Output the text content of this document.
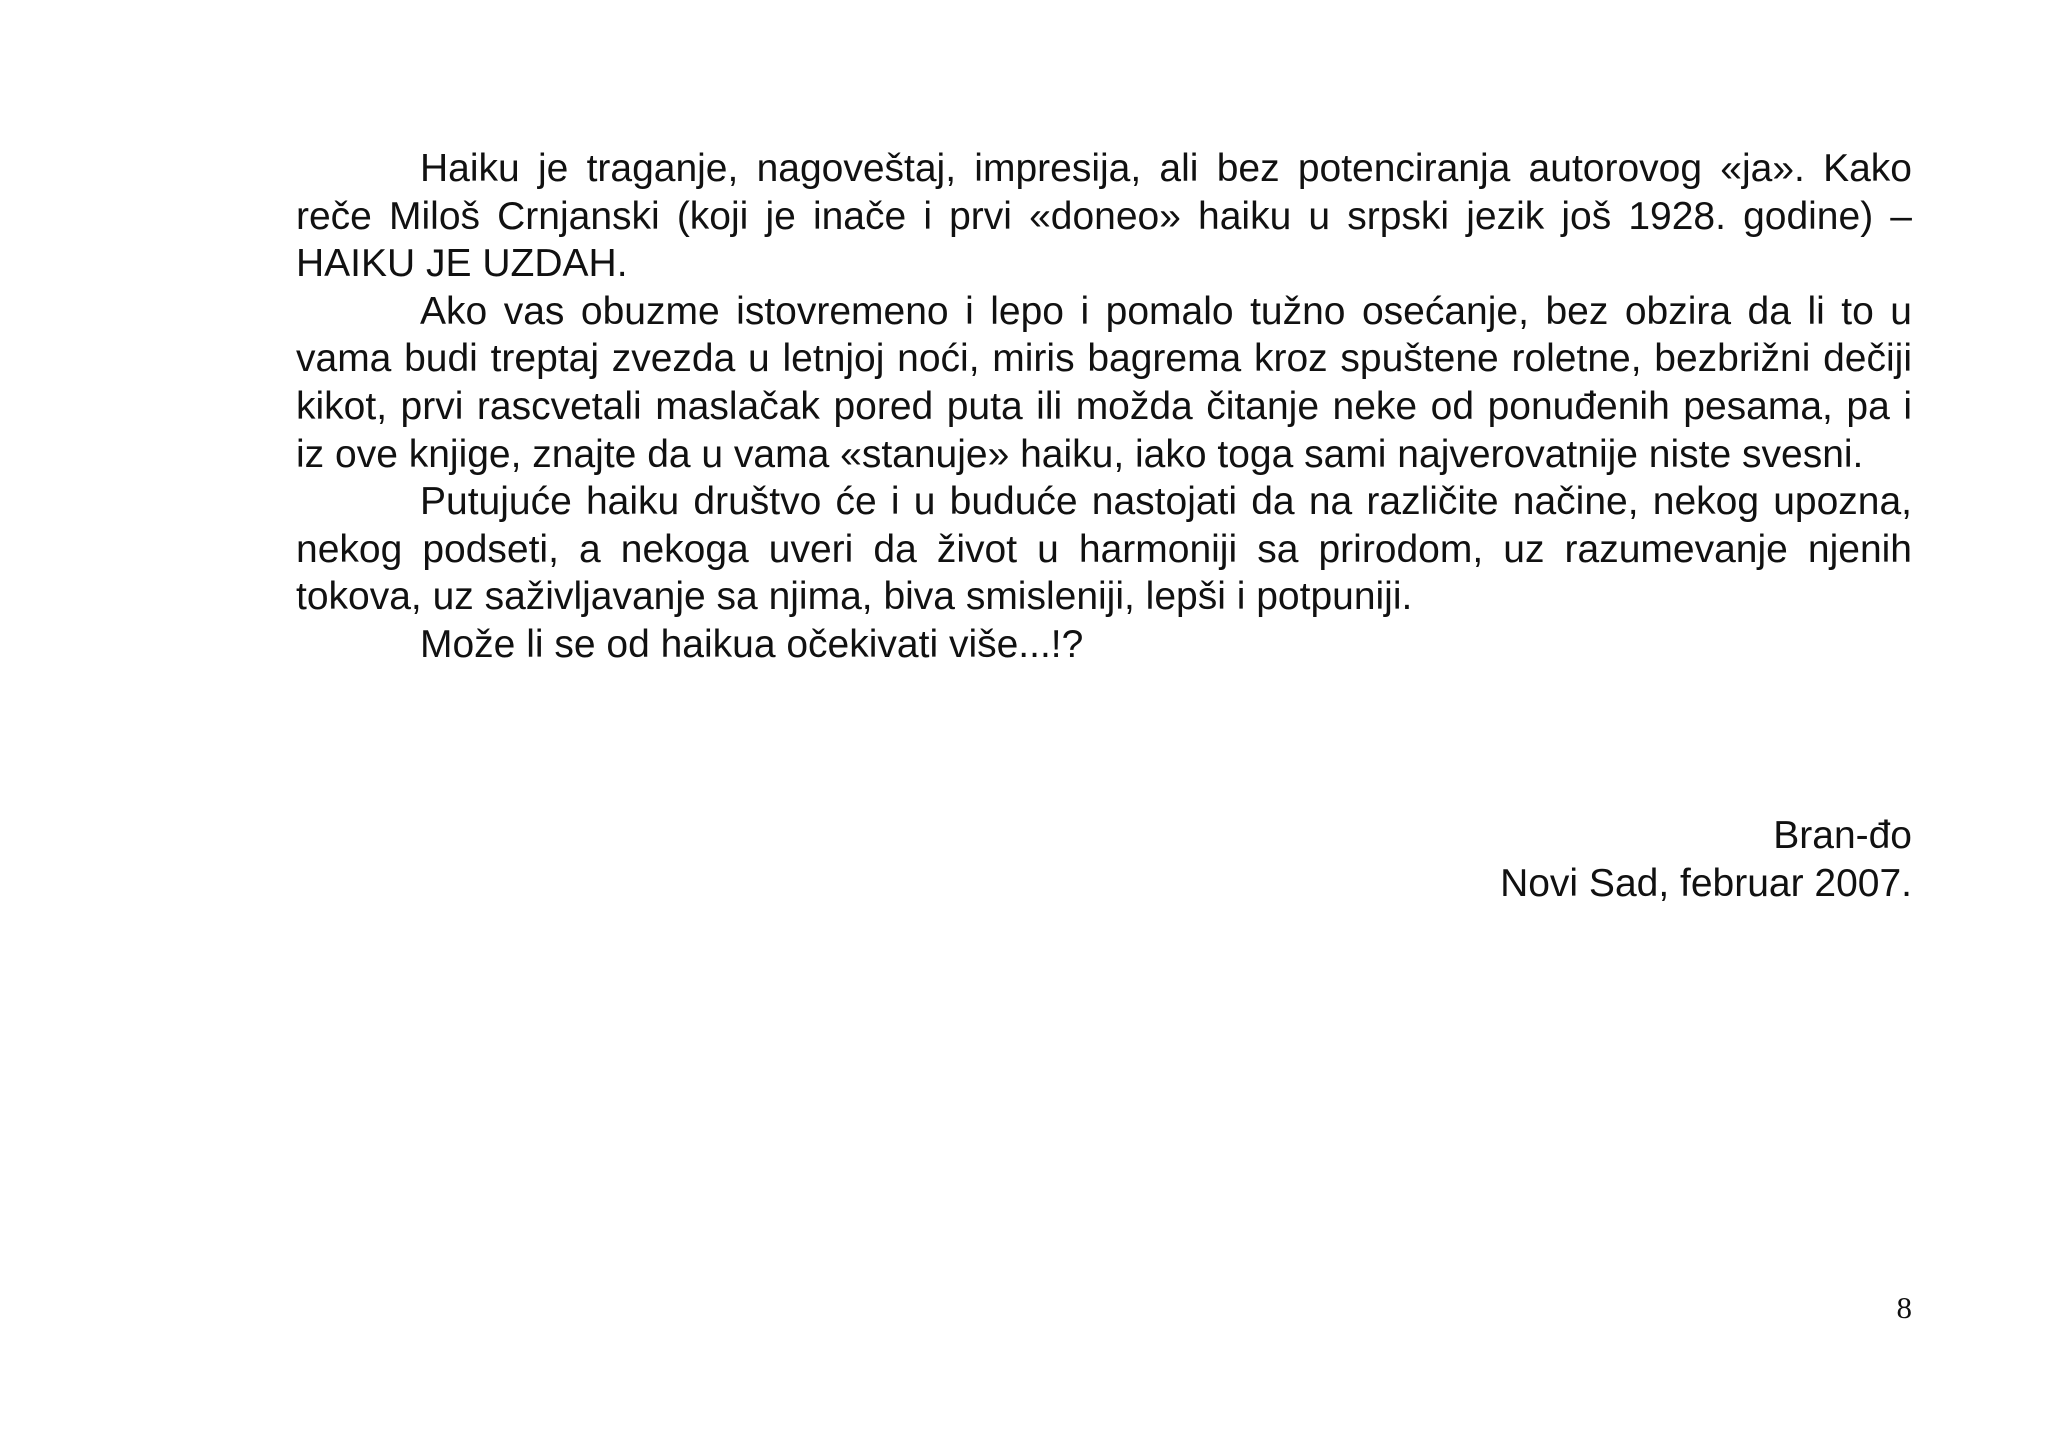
Haiku je traganje, nagoveštaj, impresija, ali bez potenciranja autorovog «ja». Kako reče Miloš Crnjanski (koji je inače i prvi «doneo» haiku u srpski jezik još 1928. godine) – HAIKU JE UZDAH.

Ako vas obuzme istovremeno i lepo i pomalo tužno osećanje, bez obzira da li to u vama budi treptaj zvezda u letnjoj noći, miris bagrema kroz spuštene roletne, bezbrižni dečiji kikot, prvi rascvetali maslačak pored puta ili možda čitanje neke od ponuđenih pesama, pa i iz ove knjige, znajte da u vama «stanuje» haiku, iako toga sami najverovatnije niste svesni.

Putujuće haiku društvo će i u buduće nastojati da na različite načine, nekog upozna, nekog podseti, a nekoga uveri da život u harmoniji sa prirodom, uz razumevanje njenih tokova, uz saživljavanje sa njima, biva smisleniji, lepši i potpuniji.

Može li se od haikua očekivati više...!?

Bran-đo
Novi Sad, februar 2007.
8
